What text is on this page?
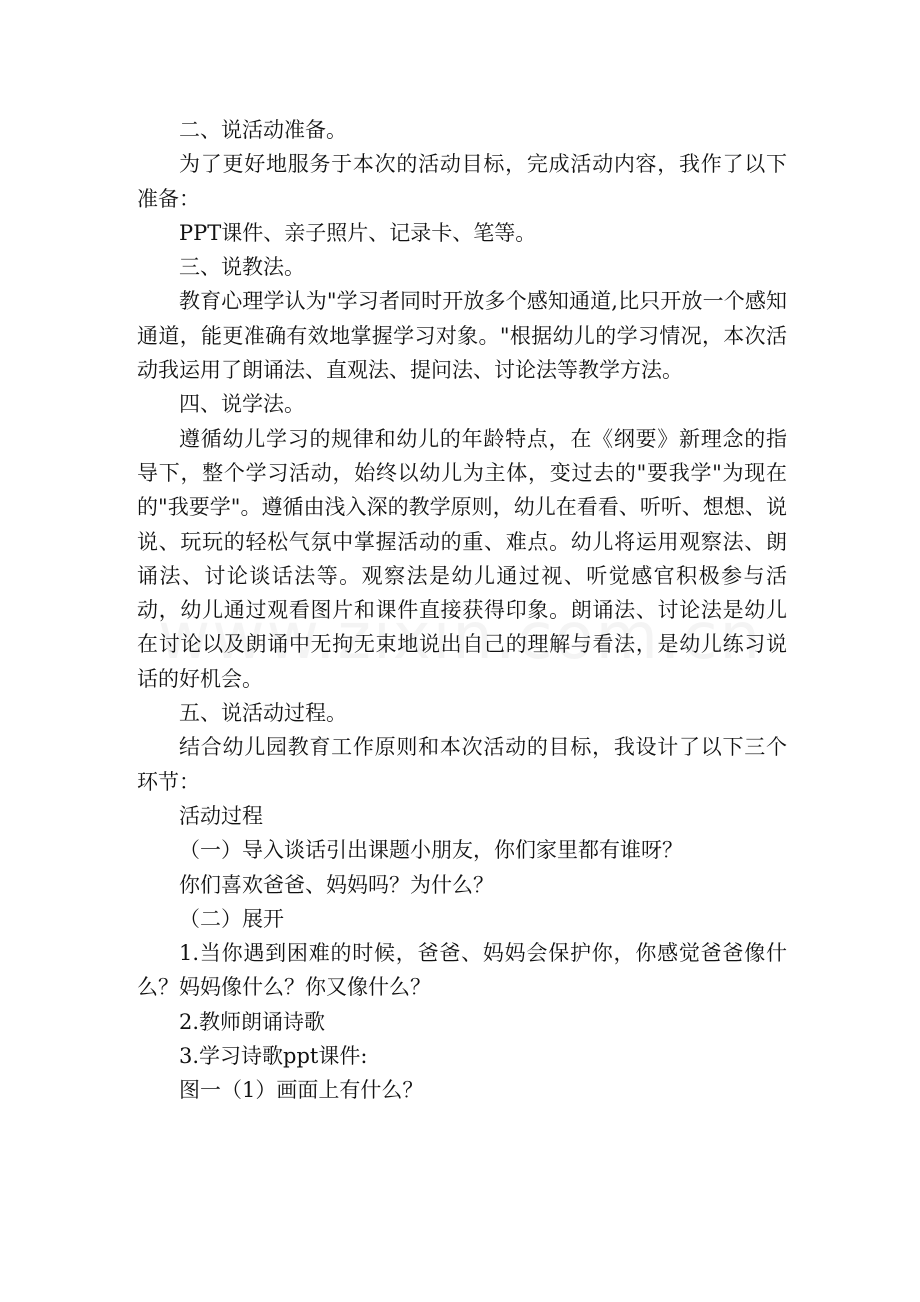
二、说活动准备。

为了更好地服务于本次的活动目标，完成活动内容，我作了以下准备：

PPT课件、亲子照片、记录卡、笔等。

三、说教法。

教育心理学认为"学习者同时开放多个感知通道,比只开放一个感知通道，能更准确有效地掌握学习对象。"根据幼儿的学习情况，本次活动我运用了朗诵法、直观法、提问法、讨论法等教学方法。

四、说学法。

遵循幼儿学习的规律和幼儿的年龄特点，在《纲要》新理念的指导下，整个学习活动，始终以幼儿为主体，变过去的"要我学"为现在的"我要学"。遵循由浅入深的教学原则，幼儿在看看、听听、想想、说说、玩玩的轻松气氛中掌握活动的重、难点。幼儿将运用观察法、朗诵法、讨论谈话法等。观察法是幼儿通过视、听觉感官积极参与活动，幼儿通过观看图片和课件直接获得印象。朗诵法、讨论法是幼儿在讨论以及朗诵中无拘无束地说出自己的理解与看法，是幼儿练习说话的好机会。

五、说活动过程。

结合幼儿园教育工作原则和本次活动的目标，我设计了以下三个环节：

活动过程

（一）导入谈话引出课题小朋友，你们家里都有谁呀？

你们喜欢爸爸、妈妈吗？为什么？

（二）展开

1.当你遇到困难的时候，爸爸、妈妈会保护你，你感觉爸爸像什么？妈妈像什么？你又像什么？

2.教师朗诵诗歌

3.学习诗歌ppt课件:

图一（1）画面上有什么？
